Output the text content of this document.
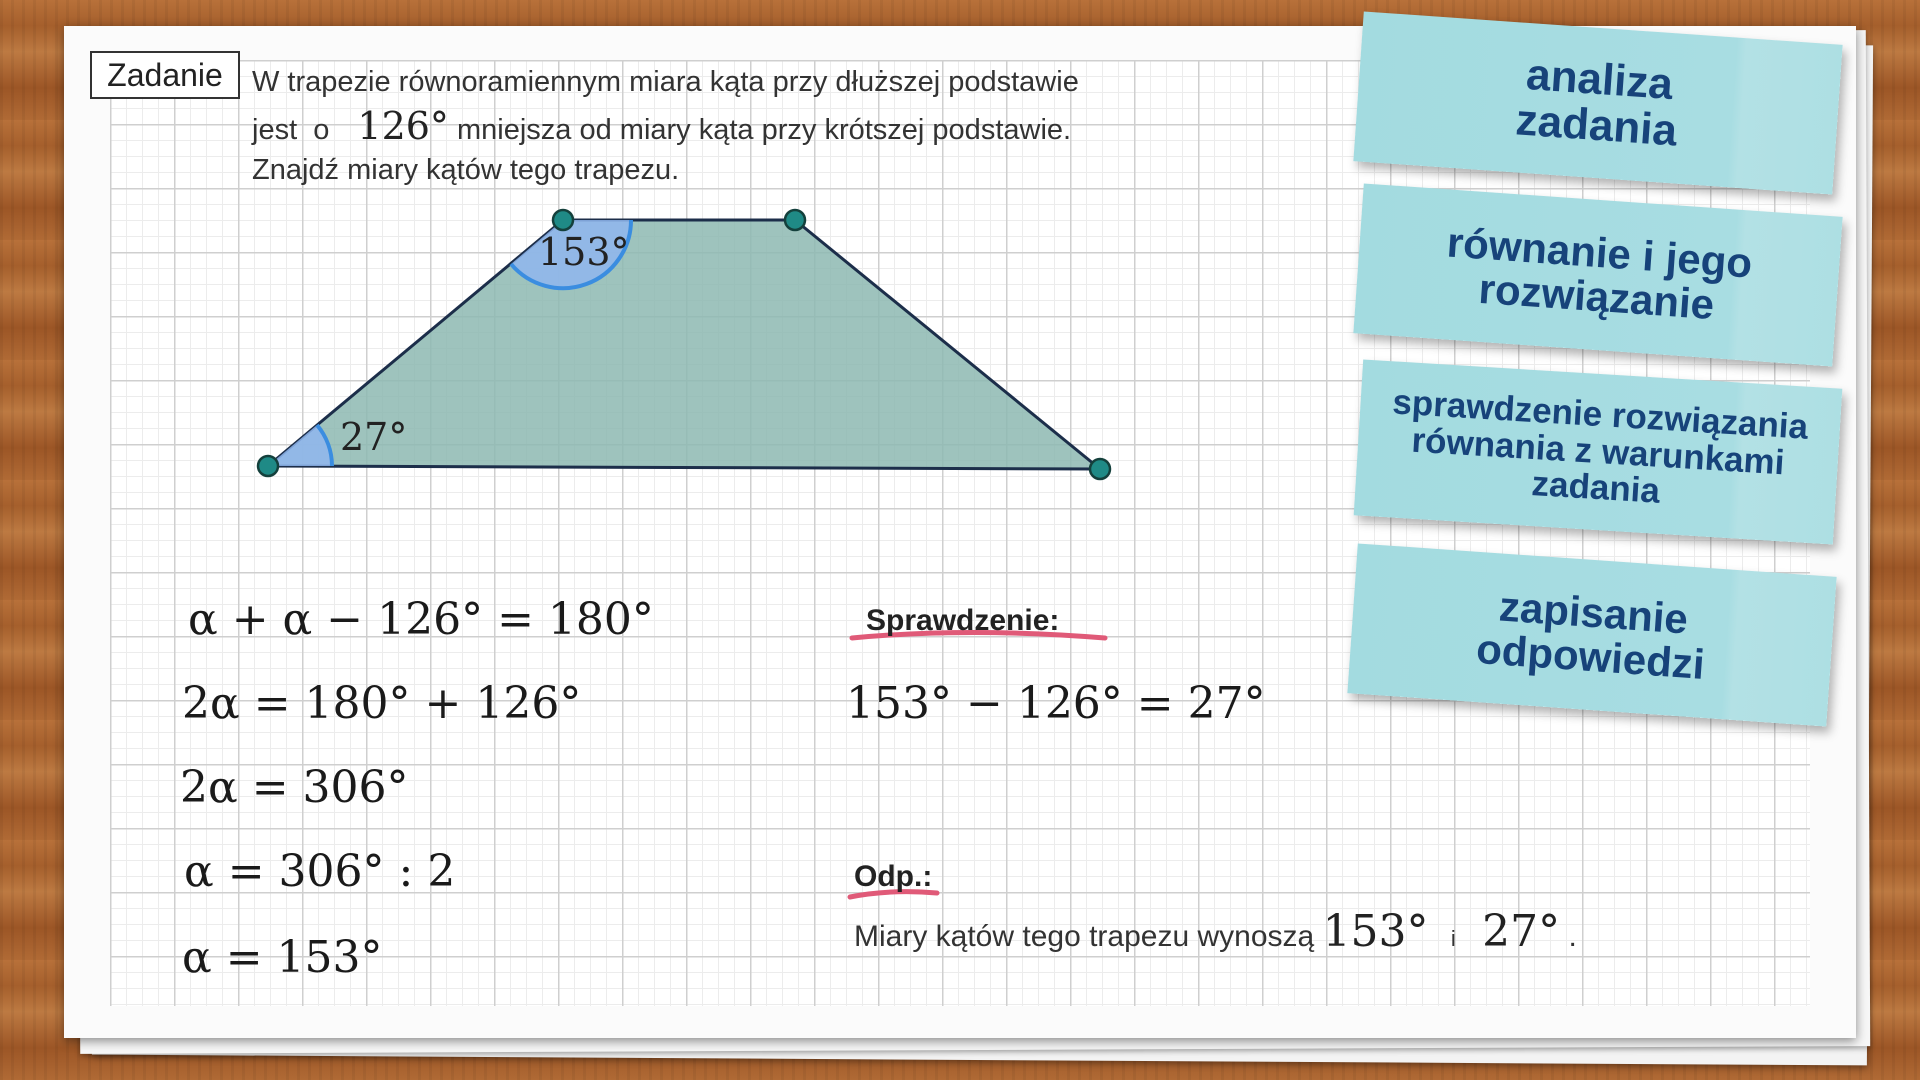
Zadanie W trapezie równoramiennym miara kąta przy dłuższej podstawie
jest o 126° mniejsza od miary kąta przy krótszej podstawie.
Znajdź miary kątów tego trapezu.
153°
27°
α + α − 126° = 180°
2α = 180° + 126°
2α = 306°
α = 306° : 2
α = 153°
Sprawdzenie:
153° − 126° = 27°
Odp.:
Miary kątów tego trapezu wynoszą 153° i 27° .
analiza zadania
równanie i jego rozwiązanie
sprawdzenie rozwiązania równania z warunkami zadania
zapisanie odpowiedzi
